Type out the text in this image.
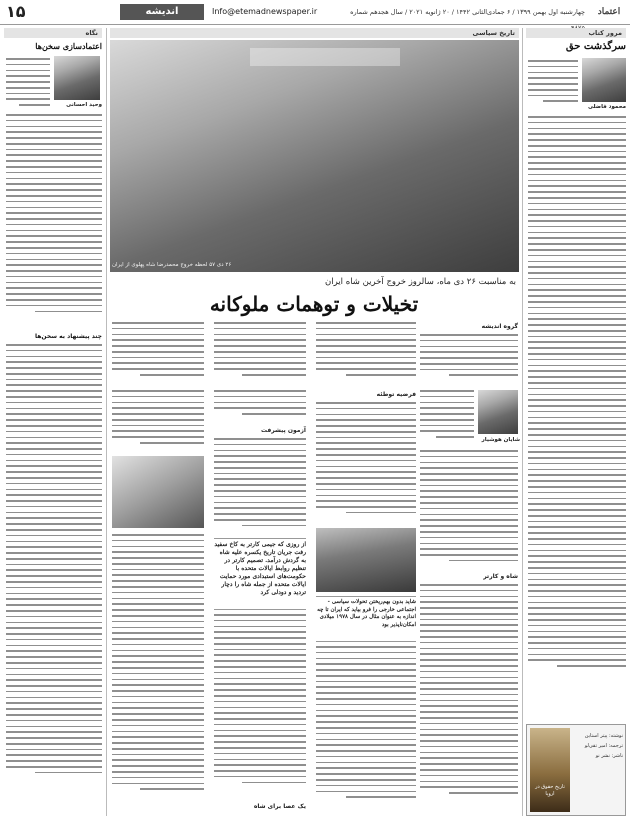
۱۵	اندیشه	Info@etemadnewspaper.ir	چهارشنبه اول بهمن ۱۳۹۹ / ۶ جمادی‌الثانی ۱۴۴۲ / ۲۰ ژانویه ۲۰۲۱ / سال هجدهم شماره	اعتماد
نگاه
اعتمادسازی سخن‌ها
وحید احسانی
چند پیشنهاد به سخن‌ها
تاریخ سیاسی
۲۶ دی ۵۷ لحظه خروج محمدرضا شاه پهلوی از ایران
به مناسبت ۲۶ دی ماه، سالروز خروج آخرین شاه ایران
تخیلات و توهمات ملوکانه
گروه اندیشه
شایان هوشیار
شاه و کارتر
فرضیه توطئه
شاید بدون بهم‌ریختن تحولات سیاسی - اجتماعی خارجی را فرو بیاید که ایران تا چه اندازه به عنوان مثال در سال ۱۹۷۸ میلادی امکان‌ناپذیر بود
آزمون پیشرفت
از روزی که جیمی کارتر به کاخ سفید رفت جریان تاریخ یکسره علیه شاه به گردش درآمد. تصمیم کارتر در تنظیم روابط ایالات متحده با حکومت‌های استبدادی مورد حمایت ایالات متحده از جمله شاه را دچار تردید و دودلی کرد
یک عصا برای شاه
مرور کتاب
سرگذشت حق
محمود فاضلی
تاریخ حقوق در اروپا
نوشته: پیتر استاین
ترجمه: امیر تقی‌لو
ناشر: نشر نو
